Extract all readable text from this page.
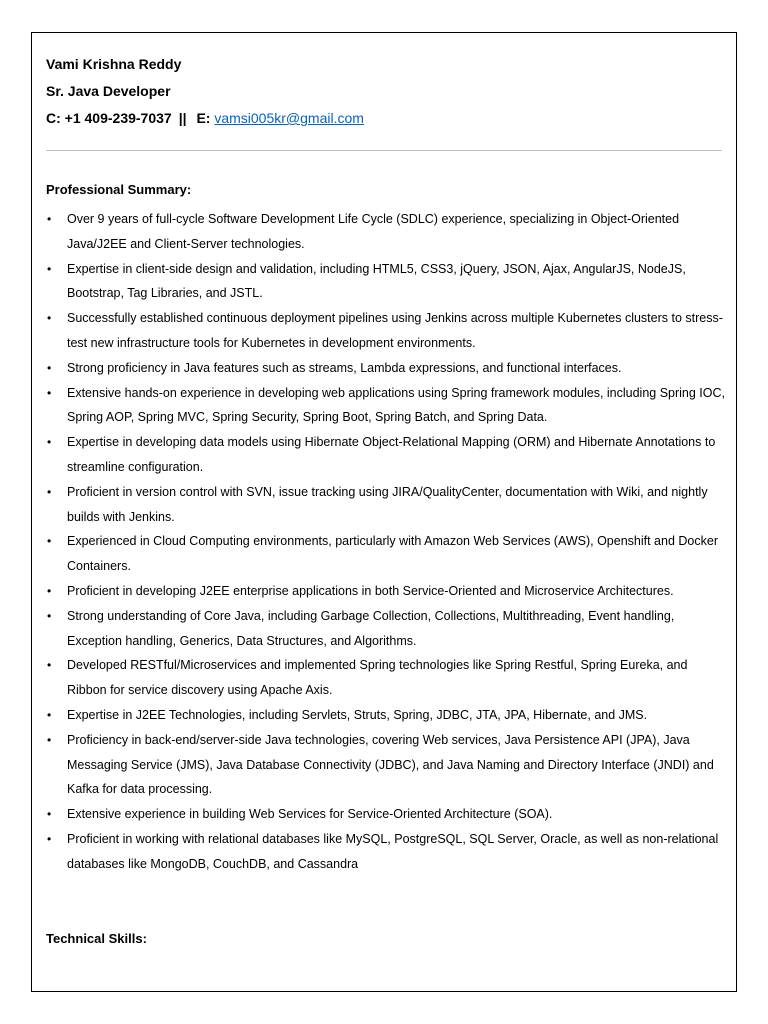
Vami Krishna Reddy
Sr. Java Developer
C: +1 409-239-7037 || E: vamsi005kr@gmail.com
Professional Summary:
• Over 9 years of full-cycle Software Development Life Cycle (SDLC) experience, specializing in Object-Oriented Java/J2EE and Client-Server technologies.
• Expertise in client-side design and validation, including HTML5, CSS3, jQuery, JSON, Ajax, AngularJS, NodeJS, Bootstrap, Tag Libraries, and JSTL.
• Successfully established continuous deployment pipelines using Jenkins across multiple Kubernetes clusters to stress-test new infrastructure tools for Kubernetes in development environments.
• Strong proficiency in Java features such as streams, Lambda expressions, and functional interfaces.
• Extensive hands-on experience in developing web applications using Spring framework modules, including Spring IOC, Spring AOP, Spring MVC, Spring Security, Spring Boot, Spring Batch, and Spring Data.
• Expertise in developing data models using Hibernate Object-Relational Mapping (ORM) and Hibernate Annotations to streamline configuration.
• Proficient in version control with SVN, issue tracking using JIRA/QualityCenter, documentation with Wiki, and nightly builds with Jenkins.
• Experienced in Cloud Computing environments, particularly with Amazon Web Services (AWS), Openshift and Docker Containers.
• Proficient in developing J2EE enterprise applications in both Service-Oriented and Microservice Architectures.
• Strong understanding of Core Java, including Garbage Collection, Collections, Multithreading, Event handling, Exception handling, Generics, Data Structures, and Algorithms.
• Developed RESTful/Microservices and implemented Spring technologies like Spring Restful, Spring Eureka, and Ribbon for service discovery using Apache Axis.
• Expertise in J2EE Technologies, including Servlets, Struts, Spring, JDBC, JTA, JPA, Hibernate, and JMS.
• Proficiency in back-end/server-side Java technologies, covering Web services, Java Persistence API (JPA), Java Messaging Service (JMS), Java Database Connectivity (JDBC), and Java Naming and Directory Interface (JNDI) and Kafka for data processing.
• Extensive experience in building Web Services for Service-Oriented Architecture (SOA).
• Proficient in working with relational databases like MySQL, PostgreSQL, SQL Server, Oracle, as well as non-relational databases like MongoDB, CouchDB, and Cassandra
Technical Skills:
